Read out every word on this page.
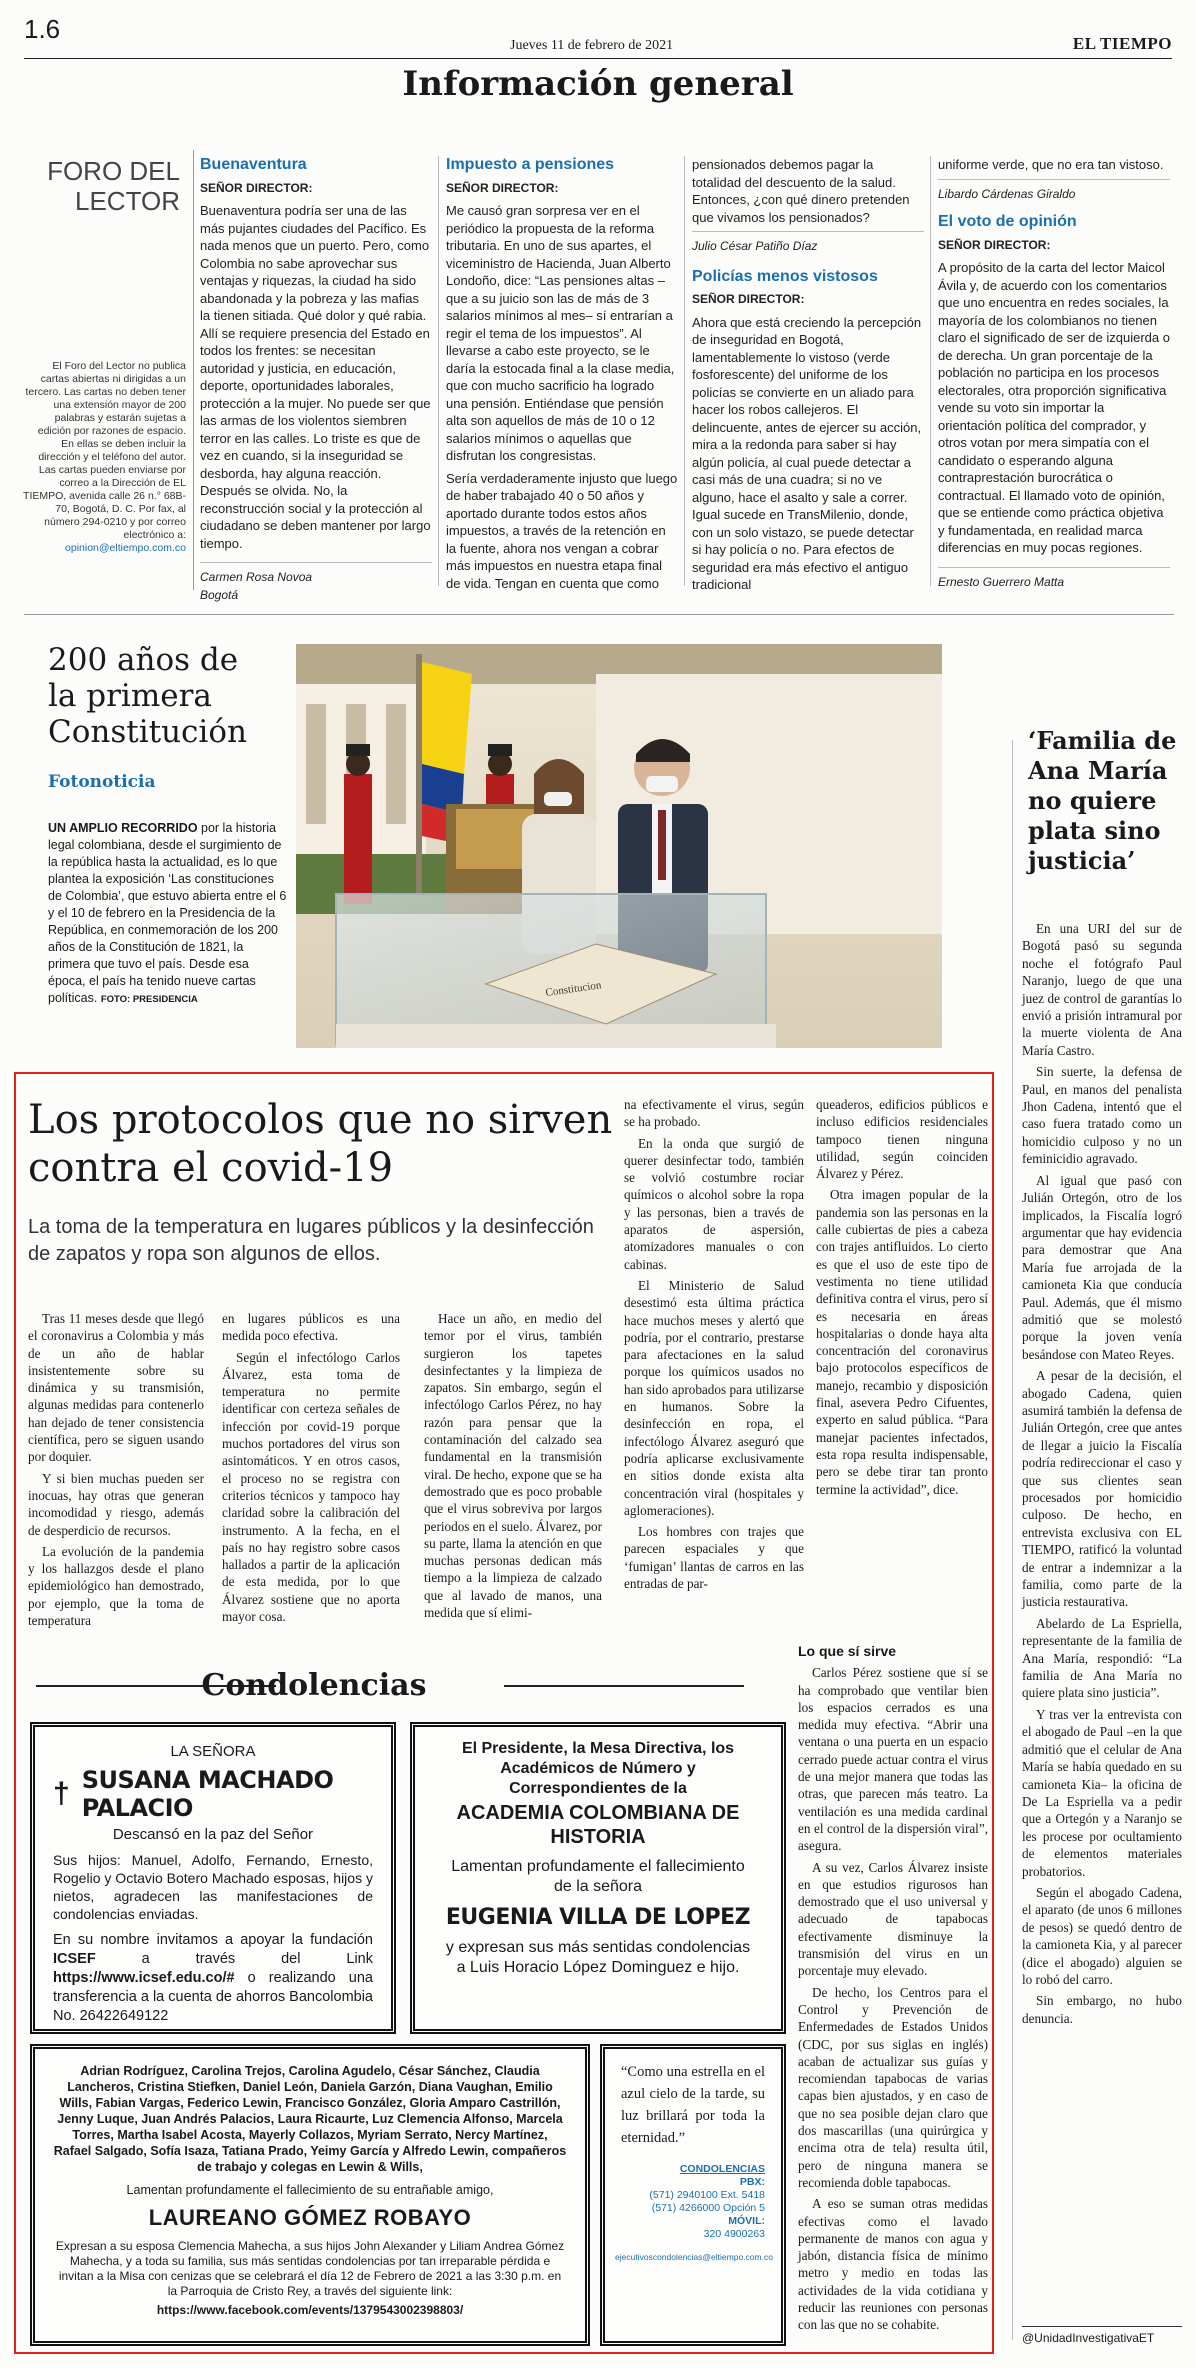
1.6
Jueves 11 de febrero de 2021	EL TIEMPO
Información general
FORO DEL LECTOR
El Foro del Lector no publica cartas abiertas ni dirigidas a un tercero. Las cartas no deben tener una extensión mayor de 200 palabras y estarán sujetas a edición por razones de espacio. En ellas se deben incluir la dirección y el teléfono del autor. Las cartas pueden enviarse por correo a la Dirección de EL TIEMPO, avenida calle 26 n.° 68B-70, Bogotá, D. C. Por fax, al número 294-0210 y por correo electrónico a: opinion@eltiempo.com.co
Buenaventura
SEÑOR DIRECTOR:

Buenaventura podría ser una de las más pujantes ciudades del Pacífico. Es nada menos que un puerto. Pero, como Colombia no sabe aprovechar sus ventajas y riquezas, la ciudad ha sido abandonada y la pobreza y las mafias la tienen sitiada. Qué dolor y qué rabia. Allí se requiere presencia del Estado en todos los frentes: se necesitan autoridad y justicia, en educación, deporte, oportunidades laborales, protección a la mujer. No puede ser que las armas de los violentos siembren terror en las calles. Lo triste es que de vez en cuando, si la inseguridad se desborda, hay alguna reacción. Después se olvida. No, la reconstrucción social y la protección al ciudadano se deben mantener por largo tiempo.

Carmen Rosa Novoa
Bogotá
Impuesto a pensiones
SEÑOR DIRECTOR:

Me causó gran sorpresa ver en el periódico la propuesta de la reforma tributaria. En uno de sus apartes, el viceministro de Hacienda, Juan Alberto Londoño, dice: “Las pensiones altas –que a su juicio son las de más de 3 salarios mínimos al mes– sí entrarían a regir el tema de los impuestos”. Al llevarse a cabo este proyecto, se le daría la estocada final a la clase media, que con mucho sacrificio ha logrado una pensión. Entiéndase que pensión alta son aquellos de más de 10 o 12 salarios mínimos o aquellas que disfrutan los congresistas.

Sería verdaderamente injusto que luego de haber trabajado 40 o 50 años y aportado durante todos estos años impuestos, a través de la retención en la fuente, ahora nos vengan a cobrar más impuestos en nuestra etapa final de vida. Tengan en cuenta que como

pensionados debemos pagar la totalidad del descuento de la salud. Entonces, ¿con qué dinero pretenden que vivamos los pensionados?

Julio César Patiño Díaz
Policías menos vistosos
SEÑOR DIRECTOR:

Ahora que está creciendo la percepción de inseguridad en Bogotá, lamentablemente lo vistoso (verde fosforescente) del uniforme de los policías se convierte en un aliado para hacer los robos callejeros. El delincuente, antes de ejercer su acción, mira a la redonda para saber si hay algún policía, al cual puede detectar a casi más de una cuadra; si no ve alguno, hace el asalto y sale a correr. Igual sucede en TransMilenio, donde, con un solo vistazo, se puede detectar si hay policía o no. Para efectos de seguridad era más efectivo el antiguo tradicional

uniforme verde, que no era tan vistoso.

Libardo Cárdenas Giraldo
El voto de opinión
SEÑOR DIRECTOR:

A propósito de la carta del lector Maicol Ávila y, de acuerdo con los comentarios que uno encuentra en redes sociales, la mayoría de los colombianos no tienen claro el significado de ser de izquierda o de derecha. Un gran porcentaje de la población no participa en los procesos electorales, otra proporción significativa vende su voto sin importar la orientación política del comprador, y otros votan por mera simpatía con el candidato o esperando alguna contraprestación burocrática o contractual. El llamado voto de opinión, que se entiende como práctica objetiva y fundamentada, en realidad marca diferencias en muy pocas regiones.

Ernesto Guerrero Matta
200 años de la primera Constitución
Fotonoticia
UN AMPLIO RECORRIDO por la historia legal colombiana, desde el surgimiento de la república hasta la actualidad, es lo que plantea la exposición ‘Las constituciones de Colombia’, que estuvo abierta entre el 6 y el 10 de febrero en la Presidencia de la República, en conmemoración de los 200 años de la Constitución de 1821, la primera que tuvo el país. Desde esa época, el país ha tenido nueve cartas políticas. FOTO: PRESIDENCIA
Constitucion
‘Familia de Ana María no quiere plata sino justicia’

En una URI del sur de Bogotá pasó su segunda noche el fotógrafo Paul Naranjo, luego de que una juez de control de garantías lo envió a prisión intramural por la muerte violenta de Ana María Castro.

Sin suerte, la defensa de Paul, en manos del penalista Jhon Cadena, intentó que el caso fuera tratado como un homicidio culposo y no un feminicidio agravado.

Al igual que pasó con Julián Ortegón, otro de los implicados, la Fiscalía logró argumentar que hay evidencia para demostrar que Ana María fue arrojada de la camioneta Kia que conducía Paul. Además, que él mismo admitió que se molestó porque la joven venía besándose con Mateo Reyes.

A pesar de la decisión, el abogado Cadena, quien asumirá también la defensa de Julián Ortegón, cree que antes de llegar a juicio la Fiscalía podría redireccionar el caso y que sus clientes sean procesados por homicidio culposo. De hecho, en entrevista exclusiva con EL TIEMPO, ratificó la voluntad de entrar a indemnizar a la familia, como parte de la justicia restaurativa.

Abelardo de La Espriella, representante de la familia de Ana María, respondió: “La familia de Ana María no quiere plata sino justicia”.

Y tras ver la entrevista con el abogado de Paul –en la que admitió que el celular de Ana María se había quedado en su camioneta Kia– la oficina de De La Espriella va a pedir que a Ortegón y a Naranjo se les procese por ocultamiento de elementos materiales probatorios.

Según el abogado Cadena, el aparato (de unos 6 millones de pesos) se quedó dentro de la camioneta Kia, y al parecer (dice el abogado) alguien se lo robó del carro.

Sin embargo, no hubo denuncia.

@UnidadInvestigativaET
Los protocolos que no sirven contra el covid-19
La toma de la temperatura en lugares públicos y la desinfección de zapatos y ropa son algunos de ellos.

Tras 11 meses desde que llegó el coronavirus a Colombia y más de un año de hablar insistentemente sobre su dinámica y su transmisión, algunas medidas para contenerlo han dejado de tener consistencia científica, pero se siguen usando por doquier.

Y si bien muchas pueden ser inocuas, hay otras que generan incomodidad y riesgo, además de desperdicio de recursos.

La evolución de la pandemia y los hallazgos desde el plano epidemiológico han demostrado, por ejemplo, que la toma de temperatura

en lugares públicos es una medida poco efectiva.

Según el infectólogo Carlos Álvarez, esta toma de temperatura no permite identificar con certeza señales de infección por covid-19 porque muchos portadores del virus son asintomáticos. Y en otros casos, el proceso no se registra con criterios técnicos y tampoco hay claridad sobre la calibración del instrumento. A la fecha, en el país no hay registro sobre casos hallados a partir de la aplicación de esta medida, por lo que Álvarez sostiene que no aporta mayor cosa.

Hace un año, en medio del temor por el virus, también surgieron los tapetes desinfectantes y la limpieza de zapatos. Sin embargo, según el infectólogo Carlos Pérez, no hay razón para pensar que la contaminación del calzado sea fundamental en la transmisión viral. De hecho, expone que se ha demostrado que es poco probable que el virus sobreviva por largos periodos en el suelo. Álvarez, por su parte, llama la atención en que muchas personas dedican más tiempo a la limpieza de calzado que al lavado de manos, una medida que sí elimi-

na efectivamente el virus, según se ha probado.

En la onda que surgió de querer desinfectar todo, también se volvió costumbre rociar químicos o alcohol sobre la ropa y las personas, bien a través de aparatos de aspersión, atomizadores manuales o con cabinas.

El Ministerio de Salud desestimó esta última práctica hace muchos meses y alertó que podría, por el contrario, prestarse para afectaciones en la salud porque los químicos usados no han sido aprobados para utilizarse en humanos. Sobre la desinfección en ropa, el infectólogo Álvarez aseguró que podría aplicarse exclusivamente en sitios donde exista alta concentración viral (hospitales y aglomeraciones).

Los hombres con trajes que parecen espaciales y que ‘fumigan’ llantas de carros en las entradas de par-

queaderos, edificios públicos e incluso edificios residenciales tampoco tienen ninguna utilidad, según coinciden Álvarez y Pérez.

Otra imagen popular de la pandemia son las personas en la calle cubiertas de pies a cabeza con trajes antifluidos. Lo cierto es que el uso de este tipo de vestimenta no tiene utilidad definitiva contra el virus, pero sí es necesaria en áreas hospitalarias o donde haya alta concentración del coronavirus bajo protocolos específicos de manejo, recambio y disposición final, asevera Pedro Cifuentes, experto en salud pública. “Para manejar pacientes infectados, esta ropa resulta indispensable, pero se debe tirar tan pronto termine la actividad”, dice.

Lo que sí sirve

Carlos Pérez sostiene que sí se ha comprobado que ventilar bien los espacios cerrados es una medida muy efectiva. “Abrir una ventana o una puerta en un espacio cerrado puede actuar contra el virus de una mejor manera que todas las otras, que parecen más teatro. La ventilación es una medida cardinal en el control de la dispersión viral”, asegura.

A su vez, Carlos Álvarez insiste en que estudios rigurosos han demostrado que el uso universal y adecuado de tapabocas efectivamente disminuye la transmisión del virus en un porcentaje muy elevado.

De hecho, los Centros para el Control y Prevención de Enfermedades de Estados Unidos (CDC, por sus siglas en inglés) acaban de actualizar sus guías y recomiendan tapabocas de varias capas bien ajustados, y en caso de que no sea posible dejan claro que dos mascarillas (una quirúrgica y encima otra de tela) resulta útil, pero de ninguna manera se recomienda doble tapabocas.

A eso se suman otras medidas efectivas como el lavado permanente de manos con agua y jabón, distancia física de mínimo metro y medio en todas las actividades de la vida cotidiana y reducir las reuniones con personas con las que no se cohabite.

Condolencias
LA SEÑORA
† SUSANA MACHADO PALACIO
Descansó en la paz del Señor
Sus hijos: Manuel, Adolfo, Fernando, Ernesto, Rogelio y Octavio Botero Machado esposas, hijos y nietos, agradecen las manifestaciones de condolencias enviadas.
En su nombre invitamos a apoyar la fundación ICSEF a través del Link https://www.icsef.edu.co/# o realizando una transferencia a la cuenta de ahorros Bancolombia No. 26422649122
El Presidente, la Mesa Directiva, los Académicos de Número y Correspondientes de la
ACADEMIA COLOMBIANA DE HISTORIA
Lamentan profundamente el fallecimiento de la señora
EUGENIA VILLA DE LOPEZ
y expresan sus más sentidas condolencias a Luis Horacio López Dominguez e hijo.
Adrian Rodríguez, Carolina Trejos, Carolina Agudelo, César Sánchez, Claudia Lancheros, Cristina Stiefken, Daniel León, Daniela Garzón, Diana Vaughan, Emilio Wills, Fabian Vargas, Federico Lewin, Francisco González, Gloria Amparo Castrillón, Jenny Luque, Juan Andrés Palacios, Laura Ricaurte, Luz Clemencia Alfonso, Marcela Torres, Martha Isabel Acosta, Mayerly Collazos, Myriam Serrato, Nercy Martínez, Rafael Salgado, Sofía Isaza, Tatiana Prado, Yeimy García y Alfredo Lewin, compañeros de trabajo y colegas en Lewin & Wills,
Lamentan profundamente el fallecimiento de su entrañable amigo,
LAUREANO GÓMEZ ROBAYO
Expresan a su esposa Clemencia Mahecha, a sus hijos John Alexander y Liliam Andrea Gómez Mahecha, y a toda su familia, sus más sentidas condolencias por tan irreparable pérdida e invitan a la Misa con cenizas que se celebrará el día 12 de Febrero de 2021 a las 3:30 p.m. en la Parroquia de Cristo Rey, a través del siguiente link:
https://www.facebook.com/events/1379543002398803/
“Como una estrella en el azul cielo de la tarde, su luz brillará por toda la eternidad.”
CONDOLENCIAS
PBX:
(571) 2940100 Ext. 5418
(571) 4266000 Opción 5
MÓVIL:
320 4900263
ejecutivoscondolencias@eltiempo.com.co
